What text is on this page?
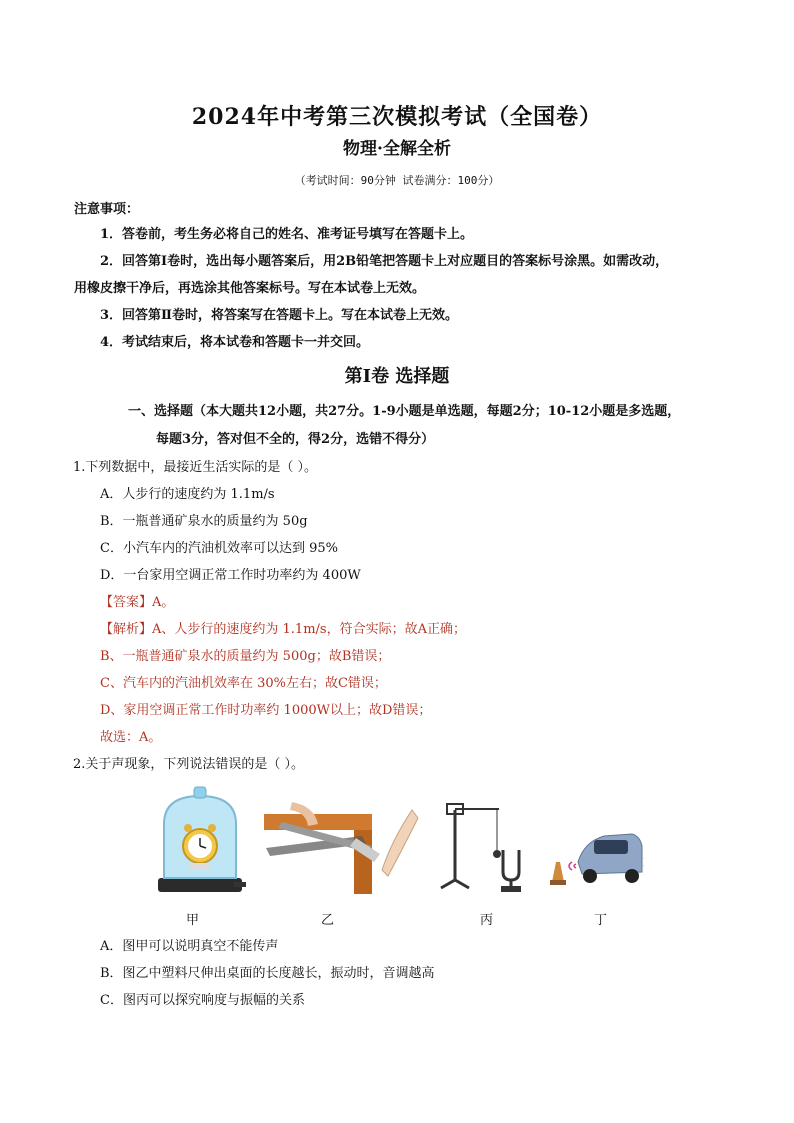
2024年中考第三次模拟考试（全国卷）
物理·全解全析
（考试时间：90分钟 试卷满分：100分）
注意事项：
1．答卷前，考生务必将自己的姓名、准考证号填写在答题卡上。
2．回答第Ⅰ卷时，选出每小题答案后，用2B铅笔把答题卡上对应题目的答案标号涂黑。如需改动，
用橡皮擦干净后，再选涂其他答案标号。写在本试卷上无效。
3．回答第Ⅱ卷时，将答案写在答题卡上。写在本试卷上无效。
4．考试结束后，将本试卷和答题卡一并交回。
第Ⅰ卷 选择题
一、选择题（本大题共12小题，共27分。1-9小题是单选题，每题2分；10-12小题是多选题，
每题3分，答对但不全的，得2分，选错不得分）
1.下列数据中，最接近生活实际的是（ ）。
A．人步行的速度约为 1.1m/s
B．一瓶普通矿泉水的质量约为 50g
C．小汽车内的汽油机效率可以达到 95%
D．一台家用空调正常工作时功率约为 400W
【答案】A。
【解析】A、人步行的速度约为 1.1m/s，符合实际；故A正确；
B、一瓶普通矿泉水的质量约为 500g；故B错误；
C、汽车内的汽油机效率在 30%左右；故C错误；
D、家用空调正常工作时功率约 1000W以上；故D错误；
故选：A。
2.关于声现象，下列说法错误的是（ ）。
甲	乙	丙	丁
A．图甲可以说明真空不能传声
B．图乙中塑料尺伸出桌面的长度越长，振动时，音调越高
C．图丙可以探究响度与振幅的关系
